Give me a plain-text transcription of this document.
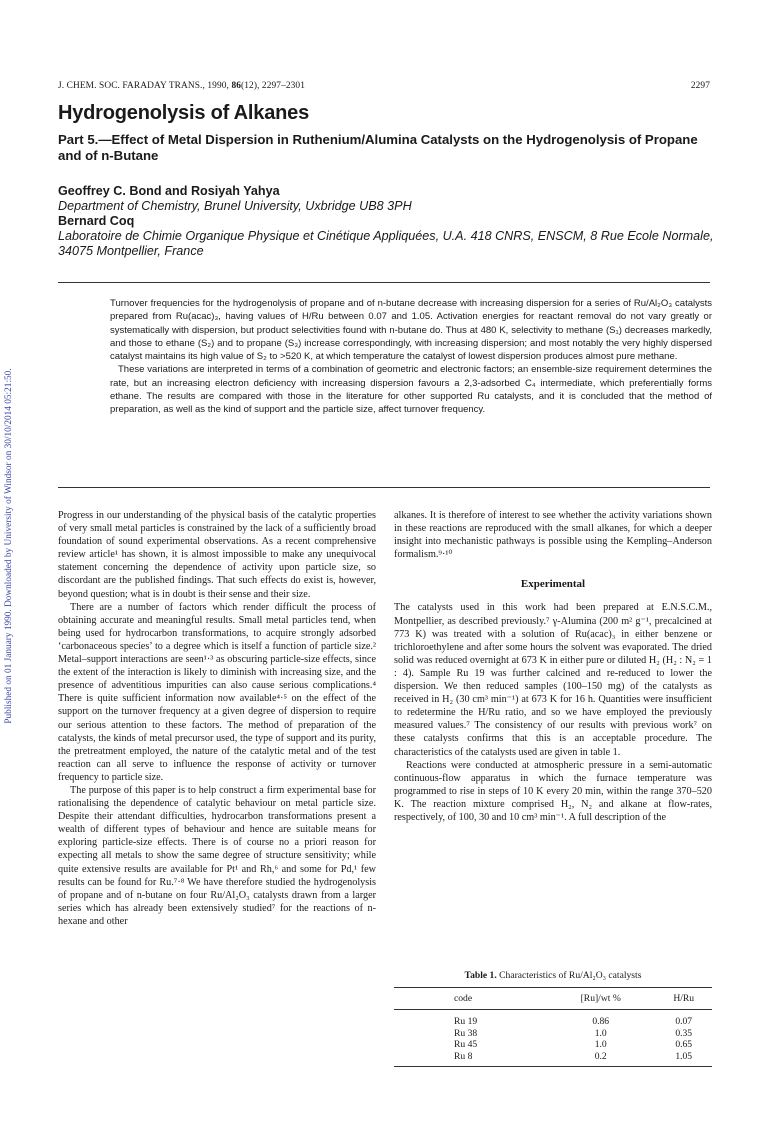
Published on 01 January 1990. Downloaded by University of Windsor on 30/10/2014 05:21:50.
J. CHEM. SOC. FARADAY TRANS., 1990, 86(12), 2297–2301	2297
Hydrogenolysis of Alkanes
Part 5.—Effect of Metal Dispersion in Ruthenium/Alumina Catalysts on the Hydrogenolysis of Propane and of n-Butane
Geoffrey C. Bond and Rosiyah Yahya
Department of Chemistry, Brunel University, Uxbridge UB8 3PH
Bernard Coq
Laboratoire de Chimie Organique Physique et Cinétique Appliquées, U.A. 418 CNRS, ENSCM, 8 Rue Ecole Normale, 34075 Montpellier, France

Turnover frequencies for the hydrogenolysis of propane and of n-butane decrease with increasing dispersion for a series of Ru/Al₂O₃ catalysts prepared from Ru(acac)₃, having values of H/Ru between 0.07 and 1.05. Activation energies for reactant removal do not vary greatly or systematically with dispersion, but product selectivities found with n-butane do. Thus at 480 K, selectivity to methane (S₁) decreases markedly, and those to ethane (S₂) and to propane (S₃) increase correspondingly, with increasing dispersion; and most notably the very highly dispersed catalyst maintains its high value of S₂ to >520 K, at which temperature the catalyst of lowest dispersion produces almost pure methane.

These variations are interpreted in terms of a combination of geometric and electronic factors; an ensemble-size requirement determines the rate, but an increasing electron deficiency with increasing dispersion favours a 2,3-adsorbed C₄ intermediate, which preferentially forms ethane. The results are compared with those in the literature for other supported Ru catalysts, and it is concluded that the method of preparation, as well as the kind of support and the particle size, affect turnover frequency.

Progress in our understanding of the physical basis of the catalytic properties of very small metal particles is constrained by the lack of a sufficiently broad foundation of sound experimental observations. As a recent comprehensive review article¹ has shown, it is almost impossible to make any unequivocal statement concerning the dependence of activity upon particle size, so discordant are the published findings. That such effects do exist is, however, beyond question; what is in doubt is their sense and their size.

There are a number of factors which render difficult the process of obtaining accurate and meaningful results. Small metal particles tend, when being used for hydrocarbon transformations, to acquire strongly adsorbed ‘carbonaceous species’ to a degree which is itself a function of particle size.² Metal–support interactions are seen¹·³ as obscuring particle-size effects, since the extent of the interaction is likely to diminish with increasing size, and the presence of adventitious impurities can also cause serious complications.⁴ There is quite sufficient information now available⁴·⁵ on the effect of the support on the turnover frequency at a given degree of dispersion to require our serious attention to these factors. The method of preparation of the catalysts, the kinds of metal precursor used, the type of support and its purity, the pretreatment employed, the nature of the catalytic metal and of the test reaction can all serve to influence the response of activity or turnover frequency to particle size.

The purpose of this paper is to help construct a firm experimental base for rationalising the dependence of catalytic behaviour on metal particle size. Despite their attendant difficulties, hydrocarbon transformations present a wealth of different types of behaviour and hence are suitable means for exploring particle-size effects. There is of course no a priori reason for expecting all metals to show the same degree of structure sensitivity; while quite extensive results are available for Pt¹ and Rh,⁶ and some for Pd,¹ few results can be found for Ru.⁷·⁸ We have therefore studied the hydrogenolysis of propane and of n-butane on four Ru/Al₂O₃ catalysts drawn from a larger series which has already been extensively studied⁷ for the reactions of n-hexane and other

alkanes. It is therefore of interest to see whether the activity variations shown in these reactions are reproduced with the small alkanes, for which a deeper insight into mechanistic pathways is possible using the Kempling–Anderson formalism.⁹·¹⁰

Experimental

The catalysts used in this work had been prepared at E.N.S.C.M., Montpellier, as described previously.⁷ γ-Alumina (200 m² g⁻¹, precalcined at 773 K) was treated with a solution of Ru(acac)₃ in either benzene or trichloroethylene and after some hours the solvent was evaporated. The dried solid was reduced overnight at 673 K in either pure or diluted H₂ (H₂ : N₂ = 1 : 4). Sample Ru 19 was further calcined and re-reduced to lower the dispersion. We then reduced samples (100–150 mg) of the catalysts as received in H₂ (30 cm³ min⁻¹) at 673 K for 16 h. Quantities were insufficient to redetermine the H/Ru ratio, and so we have employed the previously measured values.⁷ The consistency of our results with previous work⁷ on these catalysts confirms that this is an acceptable procedure. The characteristics of the catalysts used are given in table 1.

Reactions were conducted at atmospheric pressure in a semi-automatic continuous-flow apparatus in which the furnace temperature was programmed to rise in steps of 10 K every 20 min, within the range 370–520 K. The reaction mixture comprised H₂, N₂ and alkane at flow-rates, respectively, of 100, 30 and 10 cm³ min⁻¹. A full description of the

Table 1. Characteristics of Ru/Al₂O₃ catalysts
code	[Ru]/wt %	H/Ru
Ru 19	0.86	0.07
Ru 38	1.0	0.35
Ru 45	1.0	0.65
Ru 8	0.2	1.05
